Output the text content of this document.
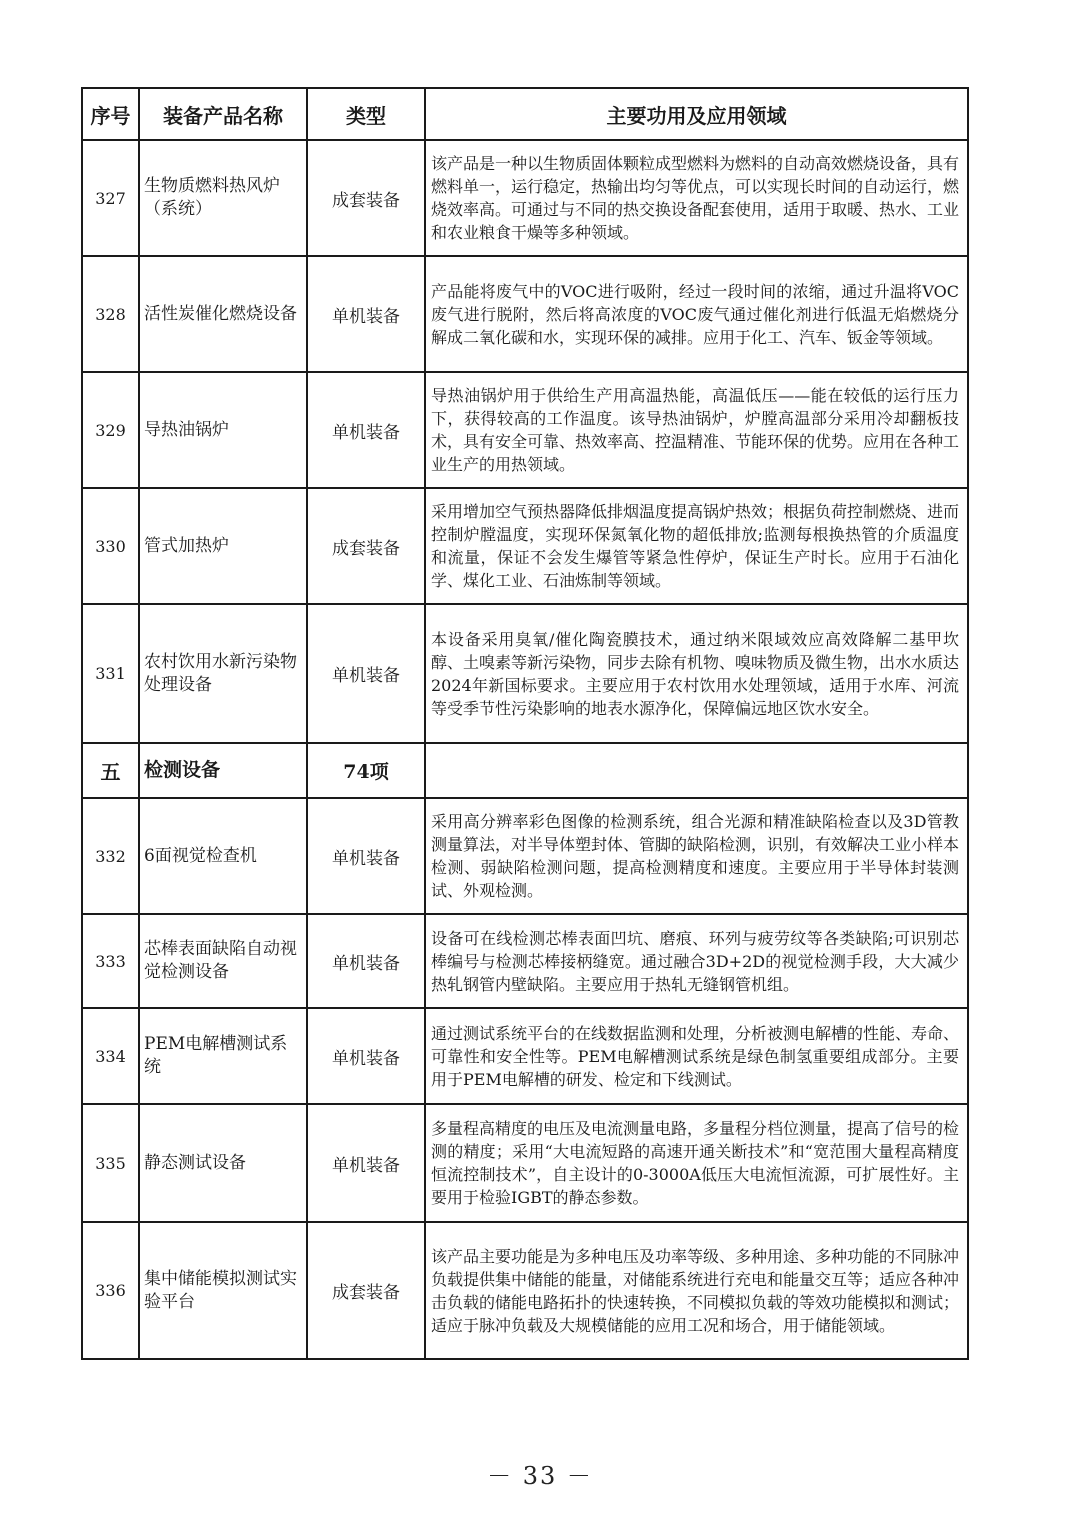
序号	装备产品名称	类型	主要功用及应用领域
327	生物质燃料热风炉（系统）	成套装备	该产品是一种以生物质固体颗粒成型燃料为燃料的自动高效燃烧设备，具有燃料单一，运行稳定，热输出均匀等优点，可以实现长时间的自动运行，燃烧效率高。可通过与不同的热交换设备配套使用，适用于取暖、热水、工业和农业粮食干燥等多种领域。
328	活性炭催化燃烧设备	单机装备	产品能将废气中的VOC进行吸附，经过一段时间的浓缩，通过升温将VOC废气进行脱附，然后将高浓度的VOC废气通过催化剂进行低温无焰燃烧分解成二氧化碳和水，实现环保的减排。应用于化工、汽车、钣金等领域。
329	导热油锅炉	单机装备	导热油锅炉用于供给生产用高温热能，高温低压——能在较低的运行压力下，获得较高的工作温度。该导热油锅炉，炉膛高温部分采用冷却翻板技术，具有安全可靠、热效率高、控温精准、节能环保的优势。应用在各种工业生产的用热领域。
330	管式加热炉	成套装备	采用增加空气预热器降低排烟温度提高锅炉热效；根据负荷控制燃烧、进而控制炉膛温度，实现环保氮氧化物的超低排放;监测每根换热管的介质温度和流量，保证不会发生爆管等紧急性停炉，保证生产时长。应用于石油化学、煤化工业、石油炼制等领域。
331	农村饮用水新污染物处理设备	单机装备	本设备采用臭氧/催化陶瓷膜技术，通过纳米限域效应高效降解二基甲坎醇、土嗅素等新污染物，同步去除有机物、嗅味物质及微生物，出水水质达2024年新国标要求。主要应用于农村饮用水处理领域，适用于水库、河流等受季节性污染影响的地表水源净化，保障偏远地区饮水安全。
五	检测设备	74项	
332	6面视觉检查机	单机装备	采用高分辨率彩色图像的检测系统，组合光源和精准缺陷检查以及3D管教测量算法，对半导体塑封体、管脚的缺陷检测，识别，有效解决工业小样本检测、弱缺陷检测问题，提高检测精度和速度。主要应用于半导体封装测试、外观检测。
333	芯棒表面缺陷自动视觉检测设备	单机装备	设备可在线检测芯棒表面凹坑、磨痕、环列与疲劳纹等各类缺陷;可识别芯棒编号与检测芯棒接柄缝宽。通过融合3D+2D的视觉检测手段，大大减少热轧钢管内壁缺陷。主要应用于热轧无缝钢管机组。
334	PEM电解槽测试系统	单机装备	通过测试系统平台的在线数据监测和处理，分析被测电解槽的性能、寿命、可靠性和安全性等。PEM电解槽测试系统是绿色制氢重要组成部分。主要用于PEM电解槽的研发、检定和下线测试。
335	静态测试设备	单机装备	多量程高精度的电压及电流测量电路，多量程分档位测量，提高了信号的检测的精度；采用“大电流短路的高速开通关断技术”和“宽范围大量程高精度恒流控制技术”，自主设计的0-3000A低压大电流恒流源，可扩展性好。主要用于检验IGBT的静态参数。
336	集中储能模拟测试实验平台	成套装备	该产品主要功能是为多种电压及功率等级、多种用途、多种功能的不同脉冲负载提供集中储能的能量，对储能系统进行充电和能量交互等；适应各种冲击负载的储能电路拓扑的快速转换，不同模拟负载的等效功能模拟和测试；适应于脉冲负载及大规模储能的应用工况和场合，用于储能领域。
－ 33 －
